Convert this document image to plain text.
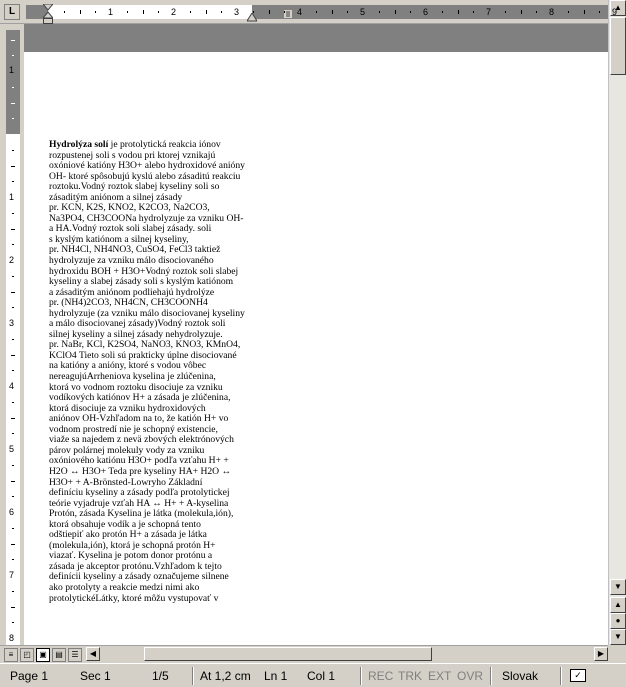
L
Hydrolýza solí je protolytická reakcia iónov
rozpustenej soli s vodou pri ktorej vznikajú
oxóniové katióny H3O+ alebo hydroxidové anióny
OH- ktoré spôsobujú kyslú alebo zásaditú reakciu
roztoku.Vodný roztok slabej kyseliny soli so
zásaditým aniónom a silnej zásady
pr. KCN, K2S, KNO2, K2CO3, Na2CO3,
Na3PO4, CH3COONa hydrolyzuje za vzniku OH-
a HA.Vodný roztok soli slabej zásady. soli
s kyslým katiónom a silnej kyseliny,
pr. NH4Cl, NH4NO3, CuSO4, FeCl3 taktiež
hydrolyzuje za vzniku málo disociovaného
hydroxidu BOH + H3O+Vodný roztok soli slabej
kyseliny a slabej zásady soli s kyslým katiónom
a zásaditým aniónom podliehajú hydrolýze
pr. (NH4)2CO3, NH4CN, CH3COONH4
hydrolyzuje (za vzniku málo disociovanej kyseliny
a málo disociovanej zásady)Vodný roztok soli
silnej kyseliny a silnej zásady nehydrolyzuje.
pr. NaBr, KCl, K2SO4, NaNO3, KNO3, KMnO4,
KClO4 Tieto soli sú prakticky úplne disociované
na katióny a anióny, ktoré s vodou vôbec
nereagujúArrheniova kyselina je zlúčenina,
ktorá vo vodnom roztoku disociuje za vzniku
vodíkových katiónov H+ a zásada je zlúčenina,
ktorá disociuje za vzniku hydroxidových
aniónov OH-Vzhľadom na to, že katión H+ vo
vodnom prostredí nie je schopný existencie,
viaže sa najedem z nevä zbových elektrónových
párov polárnej molekuly vody za vzniku
oxóniového katiónu H3O+ podľa vzťahu H+ +
H2O ↔ H3O+ Teda pre kyseliny HA+ H2O ↔
H3O+ + A-Brönsted-Lowryho Základní
definíciu kyseliny a zásady podľa protolytickej
teórie vyjadruje vzťah HA ↔ H+ + A-kyselina
Protón, zásada Kyselina je látka (molekula,ión),
ktorá obsahuje vodík a je schopná tento
odštiepiť ako protón H+ a zásada je látka
(molekula,ión), ktorá je schopná protón H+
viazať. Kyselina je potom donor protónu a
zásada je akceptor protónu.Vzhľadom k tejto
definícii kyseliny a zásady označujeme silnene
ako protolyty a reakcie medzi nimi ako
protolytickéLátky, ktoré môžu vystupovať v
▲
▼
▲
●
▼
≡	◰	▣	▤	☰	◀	▶
Page 1	Sec 1	1/5	At 1,2 cm Ln 1 Col 1	REC TRK EXT OVR Slovak	✓
1	2	3	4	5	6	7	8	9
1
1
2
3
4
5
6
7
8
